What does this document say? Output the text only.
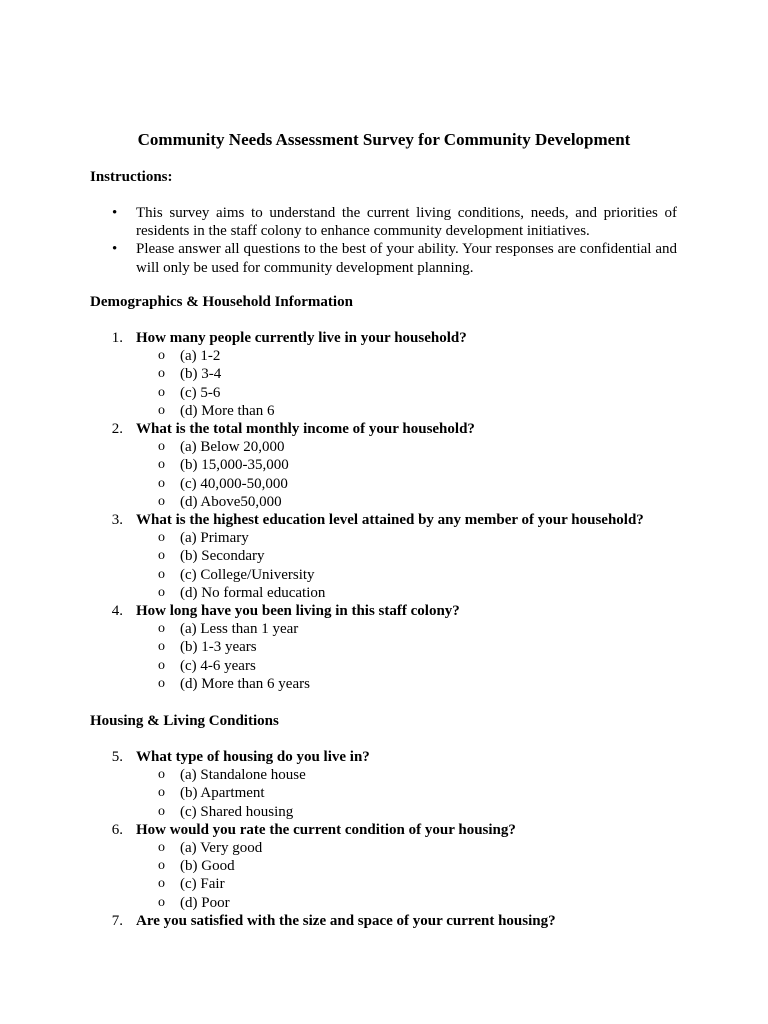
Community Needs Assessment Survey for Community Development
Instructions:
• This survey aims to understand the current living conditions, needs, and priorities of residents in the staff colony to enhance community development initiatives.
• Please answer all questions to the best of your ability. Your responses are confidential and will only be used for community development planning.
Demographics & Household Information
1. How many people currently live in your household?
o (a) 1-2
o (b) 3-4
o (c) 5-6
o (d) More than 6
2. What is the total monthly income of your household?
o (a) Below 20,000
o (b) 15,000-35,000
o (c) 40,000-50,000
o (d) Above50,000
3. What is the highest education level attained by any member of your household?
o (a) Primary
o (b) Secondary
o (c) College/University
o (d) No formal education
4. How long have you been living in this staff colony?
o (a) Less than 1 year
o (b) 1-3 years
o (c) 4-6 years
o (d) More than 6 years
Housing & Living Conditions
5. What type of housing do you live in?
o (a) Standalone house
o (b) Apartment
o (c) Shared housing
6. How would you rate the current condition of your housing?
o (a) Very good
o (b) Good
o (c) Fair
o (d) Poor
7. Are you satisfied with the size and space of your current housing?
